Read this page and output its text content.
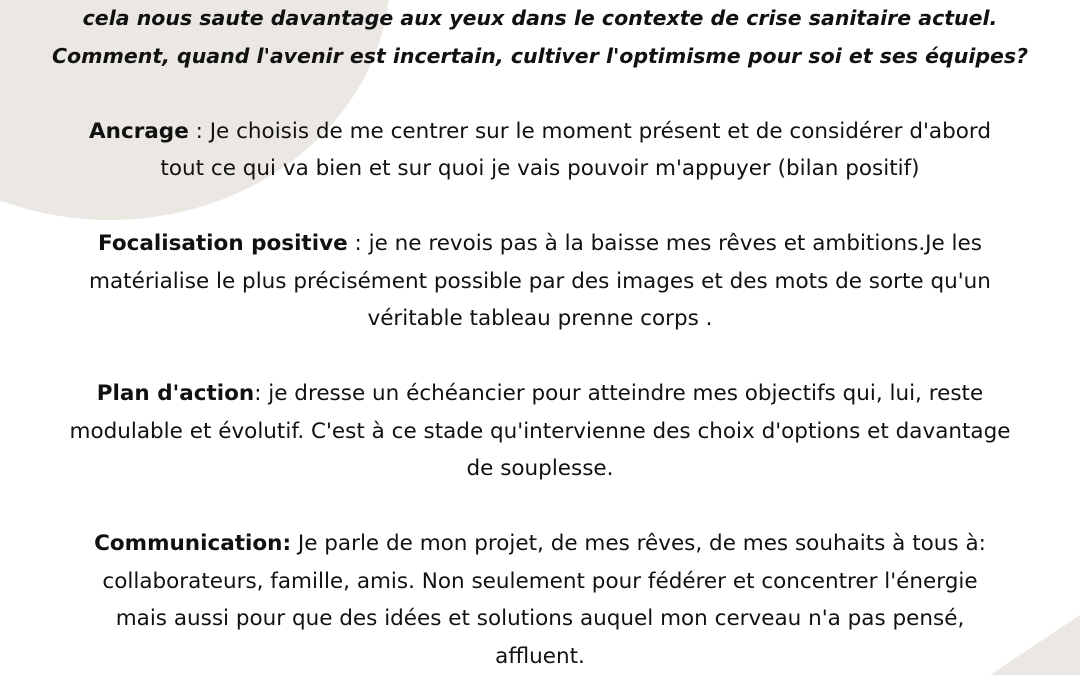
cela nous saute davantage aux yeux dans le contexte de crise sanitaire actuel.
Comment, quand l'avenir est incertain, cultiver l'optimisme pour soi et ses équipes?

Ancrage : Je choisis de me centrer sur le moment présent et de considérer d'abord
tout ce qui va bien et sur quoi je vais pouvoir m'appuyer (bilan positif)

Focalisation positive : je ne revois pas à la baisse mes rêves et ambitions.Je les
matérialise le plus précisément possible par des images et des mots de sorte qu'un
véritable tableau prenne corps .

Plan d'action: je dresse un échéancier pour atteindre mes objectifs qui, lui, reste
modulable et évolutif. C'est à ce stade qu'intervienne des choix d'options et davantage
de souplesse.

Communication: Je parle de mon projet, de mes rêves, de mes souhaits à tous à:
collaborateurs, famille, amis. Non seulement pour fédérer et concentrer l'énergie
mais aussi pour que des idées et solutions auquel mon cerveau n'a pas pensé,
affluent.
